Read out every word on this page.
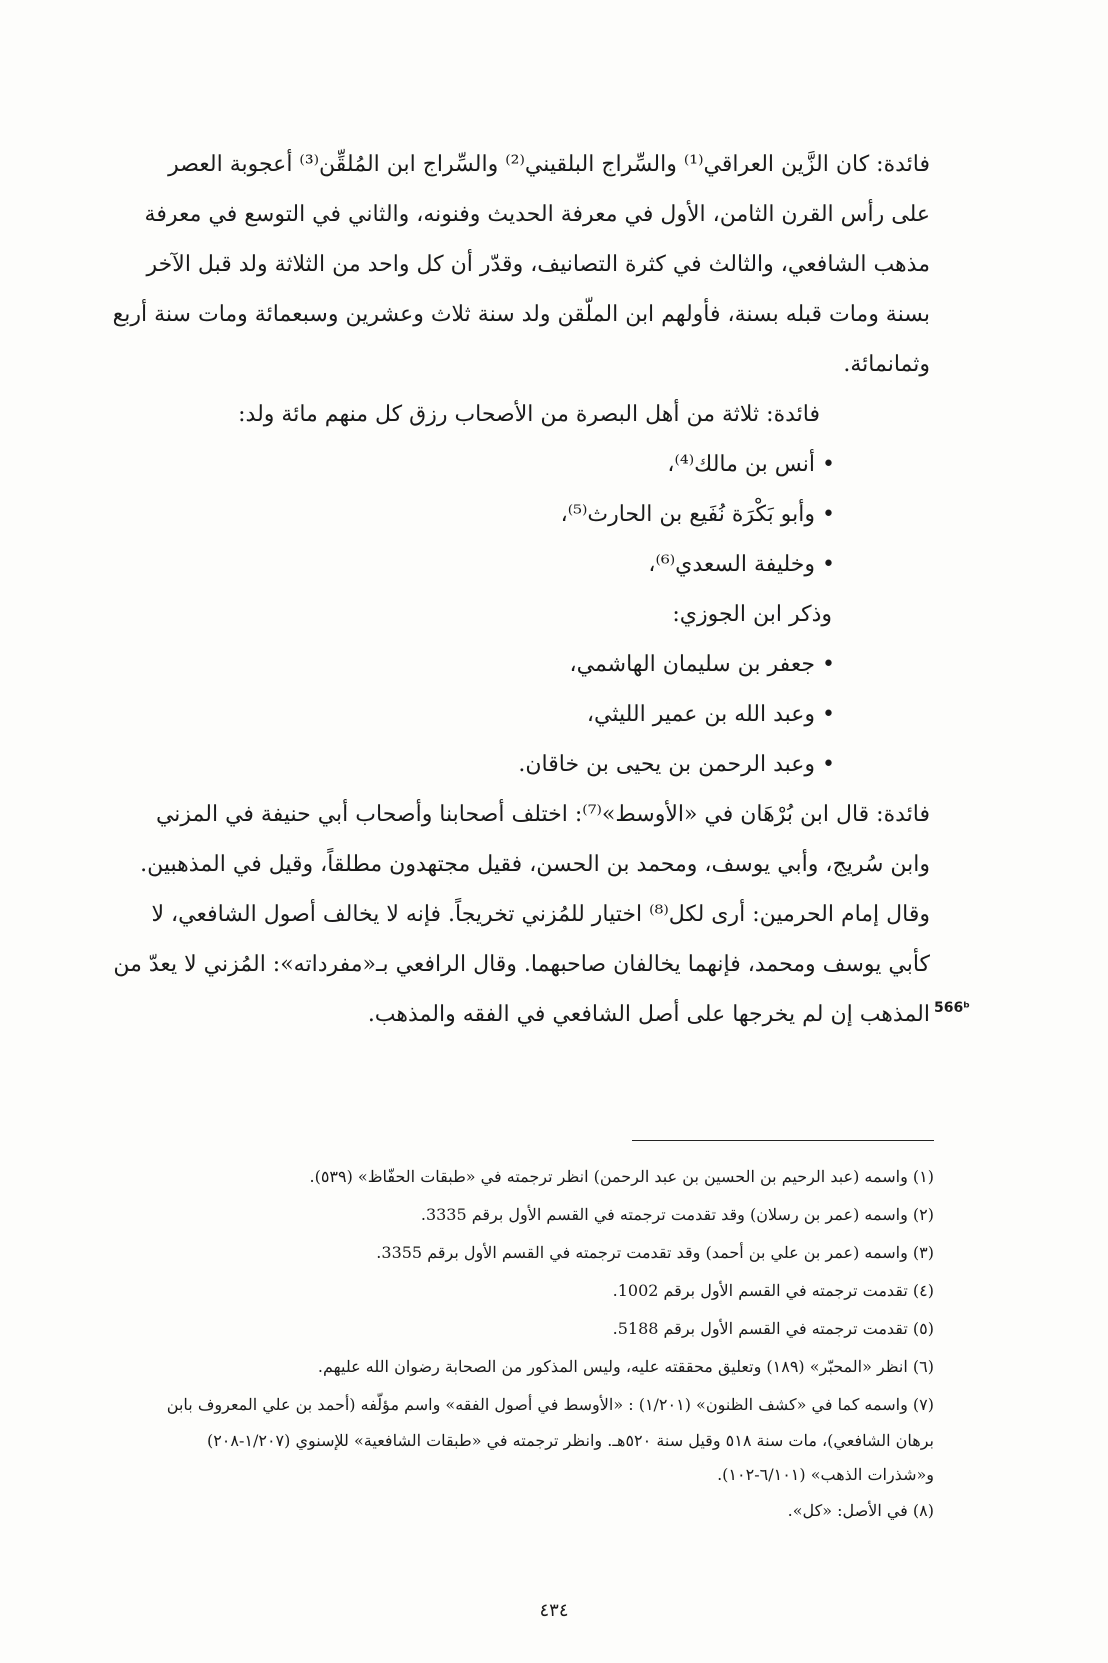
فائدة: كان الزَّين العراقي⁽¹⁾ والسِّراج البلقيني⁽²⁾ والسِّراج ابن المُلقِّن⁽³⁾ أعجوبة العصر
على رأس القرن الثامن، الأول في معرفة الحديث وفنونه، والثاني في التوسع في معرفة
مذهب الشافعي، والثالث في كثرة التصانيف، وقدّر أن كل واحد من الثلاثة ولد قبل الآخر
بسنة ومات قبله بسنة، فأولهم ابن الملّقن ولد سنة ثلاث وعشرين وسبعمائة ومات سنة أربع
وثمانمائة.

فائدة: ثلاثة من أهل البصرة من الأصحاب رزق كل منهم مائة ولد:

• أنس بن مالك⁽⁴⁾،
• وأبو بَكْرَة نُفَيع بن الحارث⁽⁵⁾،
• وخليفة السعدي⁽⁶⁾،

وذكر ابن الجوزي:

• جعفر بن سليمان الهاشمي،
• وعبد الله بن عمير الليثي،
• وعبد الرحمن بن يحيى بن خاقان.

فائدة: قال ابن بُرْهَان في «الأوسط»⁽⁷⁾: اختلف أصحابنا وأصحاب أبي حنيفة في المزني
وابن سُريج، وأبي يوسف، ومحمد بن الحسن، فقيل مجتهدون مطلقاً، وقيل في المذهبين.
وقال إمام الحرمين: أرى لكل⁽⁸⁾ اختيار للمُزني تخريجاً. فإنه لا يخالف أصول الشافعي، لا
كأبي يوسف ومحمد، فإنهما يخالفان صاحبهما. وقال الرافعي بـ«مفرداته»: المُزني لا يعدّ من
المذهب إن لم يخرجها على أصل الشافعي في الفقه والمذهب. 566ᵇ

(١) واسمه (عبد الرحيم بن الحسين بن عبد الرحمن) انظر ترجمته في «طبقات الحفّاظ» (٥٣٩).

(٢) واسمه (عمر بن رسلان) وقد تقدمت ترجمته في القسم الأول برقم 3335.

(٣) واسمه (عمر بن علي بن أحمد) وقد تقدمت ترجمته في القسم الأول برقم 3355.

(٤) تقدمت ترجمته في القسم الأول برقم 1002.

(٥) تقدمت ترجمته في القسم الأول برقم 5188.

(٦) انظر «المحبّر» (١٨٩) وتعليق محققته عليه، وليس المذكور من الصحابة رضوان الله عليهم.

(٧) واسمه كما في «كشف الظنون» (١/٢٠١) : «الأوسط في أصول الفقه» واسم مؤلّفه (أحمد بن علي المعروف بابن

برهان الشافعي)، مات سنة ٥١٨ وقيل سنة ٥٢٠هـ. وانظر ترجمته في «طبقات الشافعية» للإسنوي (١/٢٠٧-٢٠٨)

و«شذرات الذهب» (٦/١٠١-١٠٢).

(٨) في الأصل: «كل».

٤٣٤
